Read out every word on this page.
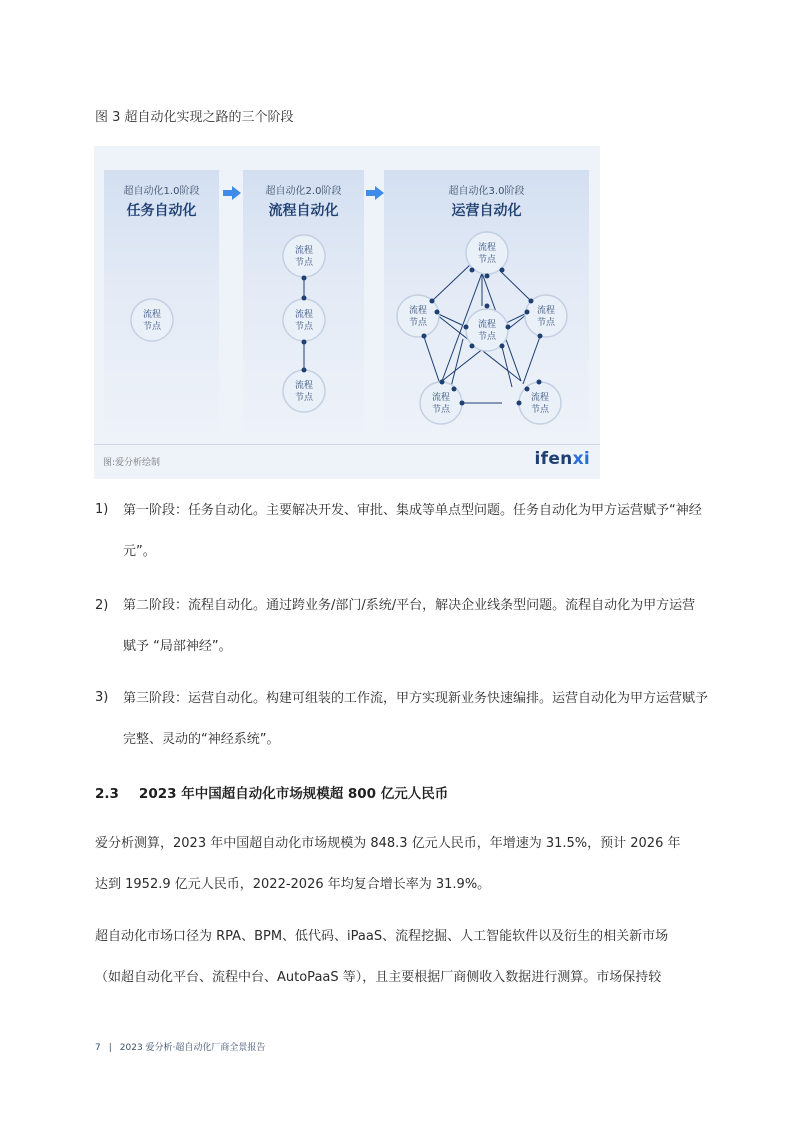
图 3 超自动化实现之路的三个阶段
超自动化1.0阶段
任务自动化
超自动化2.0阶段
流程自动化
超自动化3.0阶段
运营自动化
流程
节点
流程
节点
流程
节点
流程
节点
流程
节点
流程
节点
流程
节点
流程
节点
流程
节点
流程
节点
图:爱分析绘制	ifenxi
1) 第一阶段：任务自动化。主要解决开发、审批、集成等单点型问题。任务自动化为甲方运营赋予“神经元”。
2) 第二阶段：流程自动化。通过跨业务/部门/系统/平台，解决企业线条型问题。流程自动化为甲方运营赋予 “局部神经”。
3) 第三阶段：运营自动化。构建可组装的工作流，甲方实现新业务快速编排。运营自动化为甲方运营赋予完整、灵动的“神经系统”。
2.3 2023 年中国超自动化市场规模超 800 亿元人民币
爱分析测算，2023 年中国超自动化市场规模为 848.3 亿元人民币，年增速为 31.5%，预计 2026 年
达到 1952.9 亿元人民币，2022-2026 年均复合增长率为 31.9%。
超自动化市场口径为 RPA、BPM、低代码、iPaaS、流程挖掘、人工智能软件以及衍生的相关新市场
（如超自动化平台、流程中台、AutoPaaS 等），且主要根据厂商侧收入数据进行测算。市场保持较
7 | 2023 爱分析·超自动化厂商全景报告
